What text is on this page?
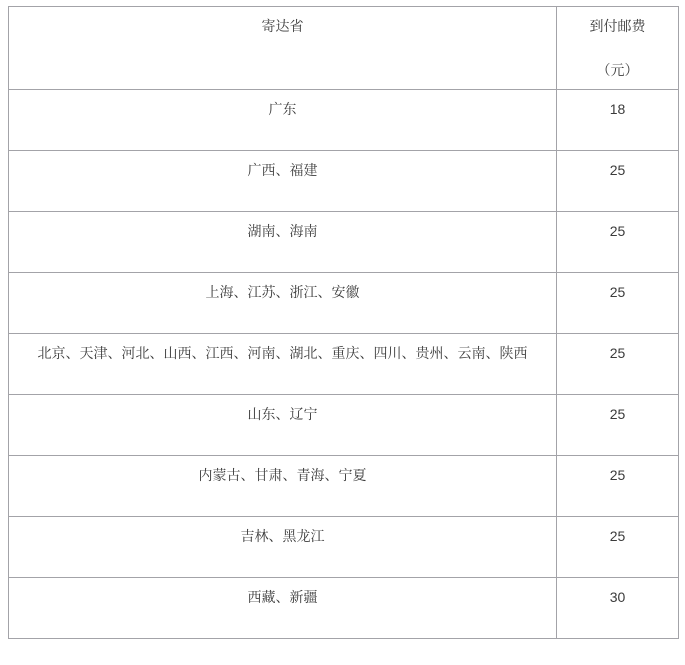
寄达省	到付邮费

（元）

广东	18

广西、福建	25

湖南、海南	25

上海、江苏、浙江、安徽	25

北京、天津、河北、山西、江西、河南、湖北、重庆、四川、贵州、云南、陕西	25

山东、辽宁	25

内蒙古、甘肃、青海、宁夏	25

吉林、黑龙江	25

西藏、新疆	30
